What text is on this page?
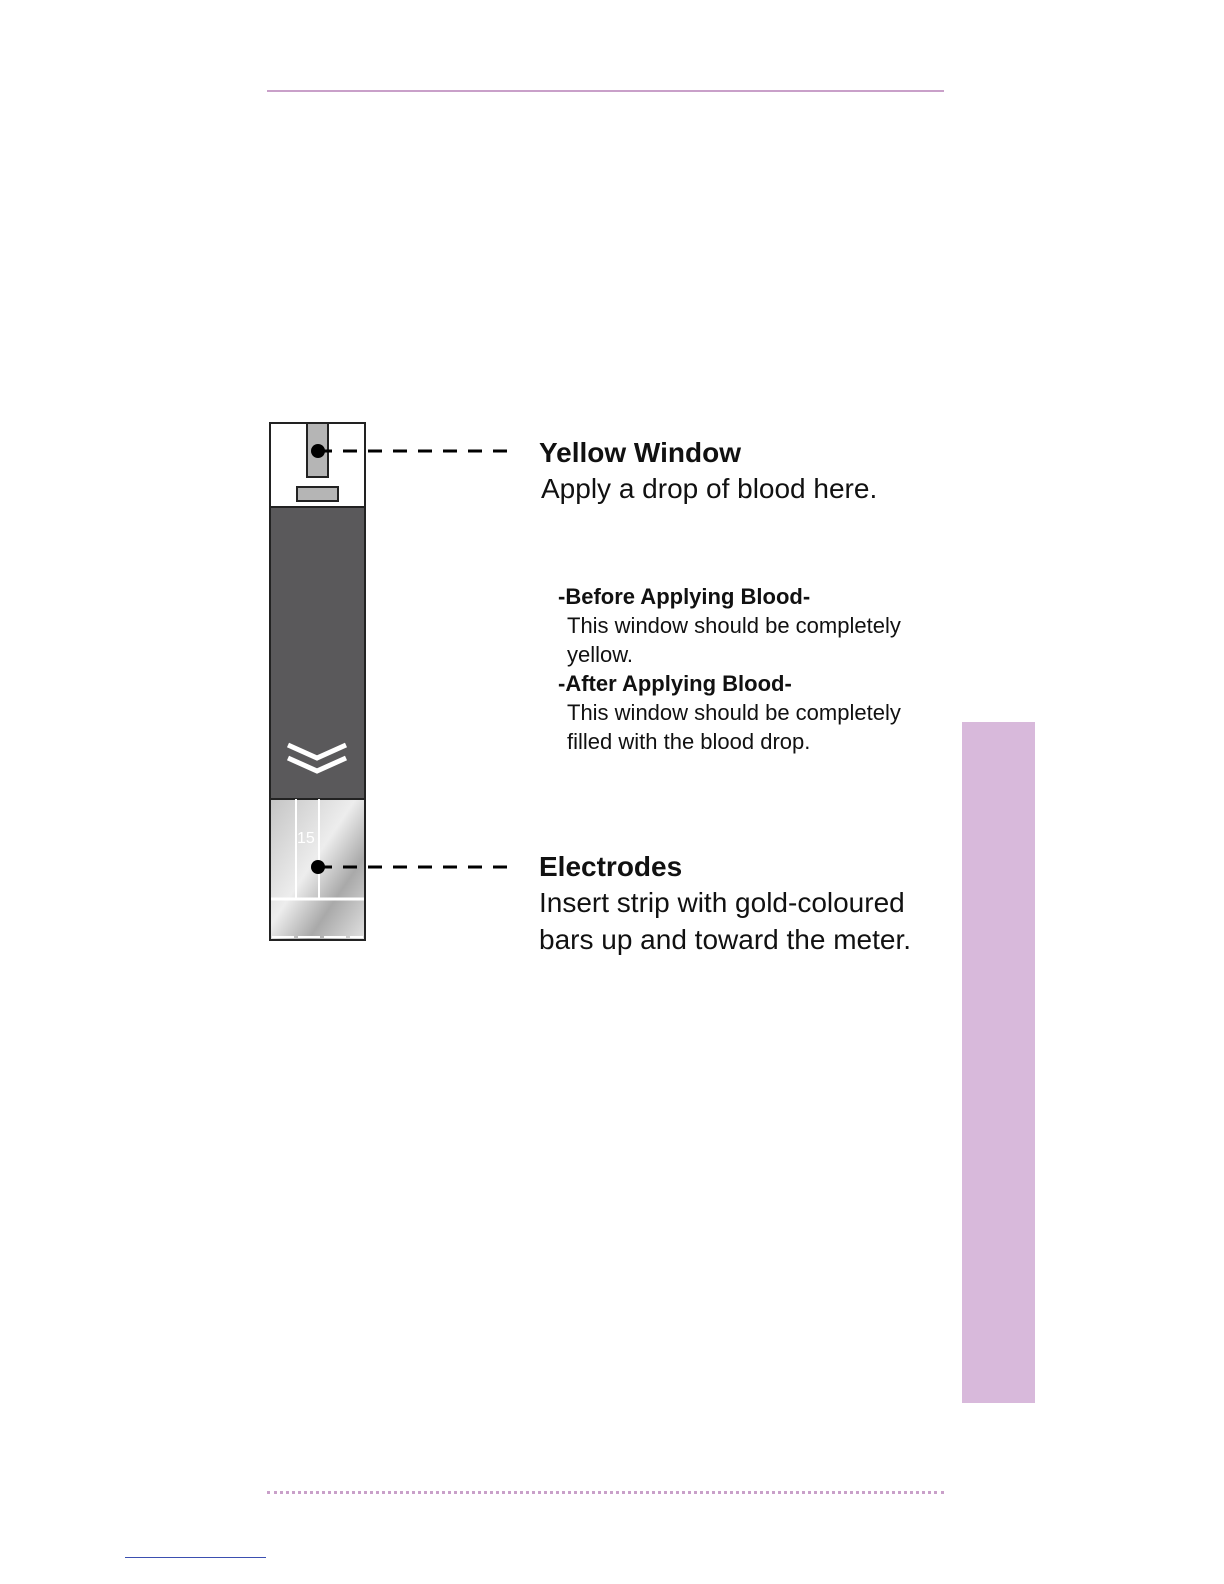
15
Yellow Window
Apply a drop of blood here.
-Before Applying Blood-
This window should be completely yellow.
-After Applying Blood-
This window should be completely filled with the blood drop.
Electrodes
Insert strip with gold-coloured
bars up and toward the meter.
